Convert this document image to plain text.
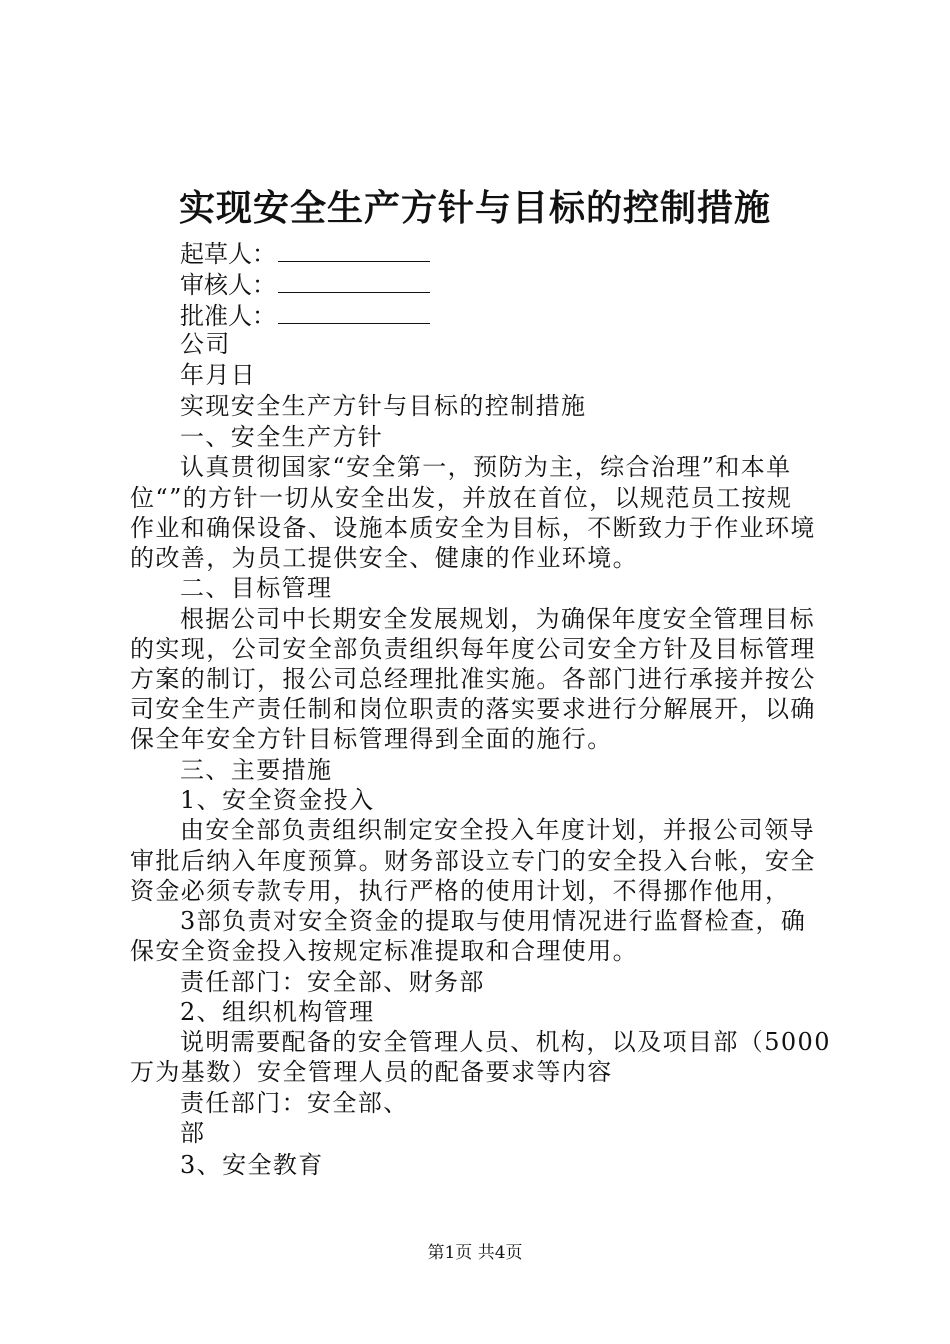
实现安全生产方针与目标的控制措施
起草人：
审核人：
批准人：
公司
年月日
实现安全生产方针与目标的控制措施
一、安全生产方针
认真贯彻国家“安全第一，预防为主，综合治理”和本单
位“”的方针一切从安全出发，并放在首位，以规范员工按规
作业和确保设备、设施本质安全为目标，不断致力于作业环境
的改善，为员工提供安全、健康的作业环境。
二、目标管理
根据公司中长期安全发展规划，为确保年度安全管理目标
的实现，公司安全部负责组织每年度公司安全方针及目标管理
方案的制订，报公司总经理批准实施。各部门进行承接并按公
司安全生产责任制和岗位职责的落实要求进行分解展开，以确
保全年安全方针目标管理得到全面的施行。
三、主要措施
1、安全资金投入
由安全部负责组织制定安全投入年度计划，并报公司领导
审批后纳入年度预算。财务部设立专门的安全投入台帐，安全
资金必须专款专用，执行严格的使用计划，不得挪作他用，
3部负责对安全资金的提取与使用情况进行监督检查，确
保安全资金投入按规定标准提取和合理使用。
责任部门：安全部、财务部
2、组织机构管理
说明需要配备的安全管理人员、机构，以及项目部（5000
万为基数）安全管理人员的配备要求等内容
责任部门：安全部、
部
3、安全教育
第1页 共4页
